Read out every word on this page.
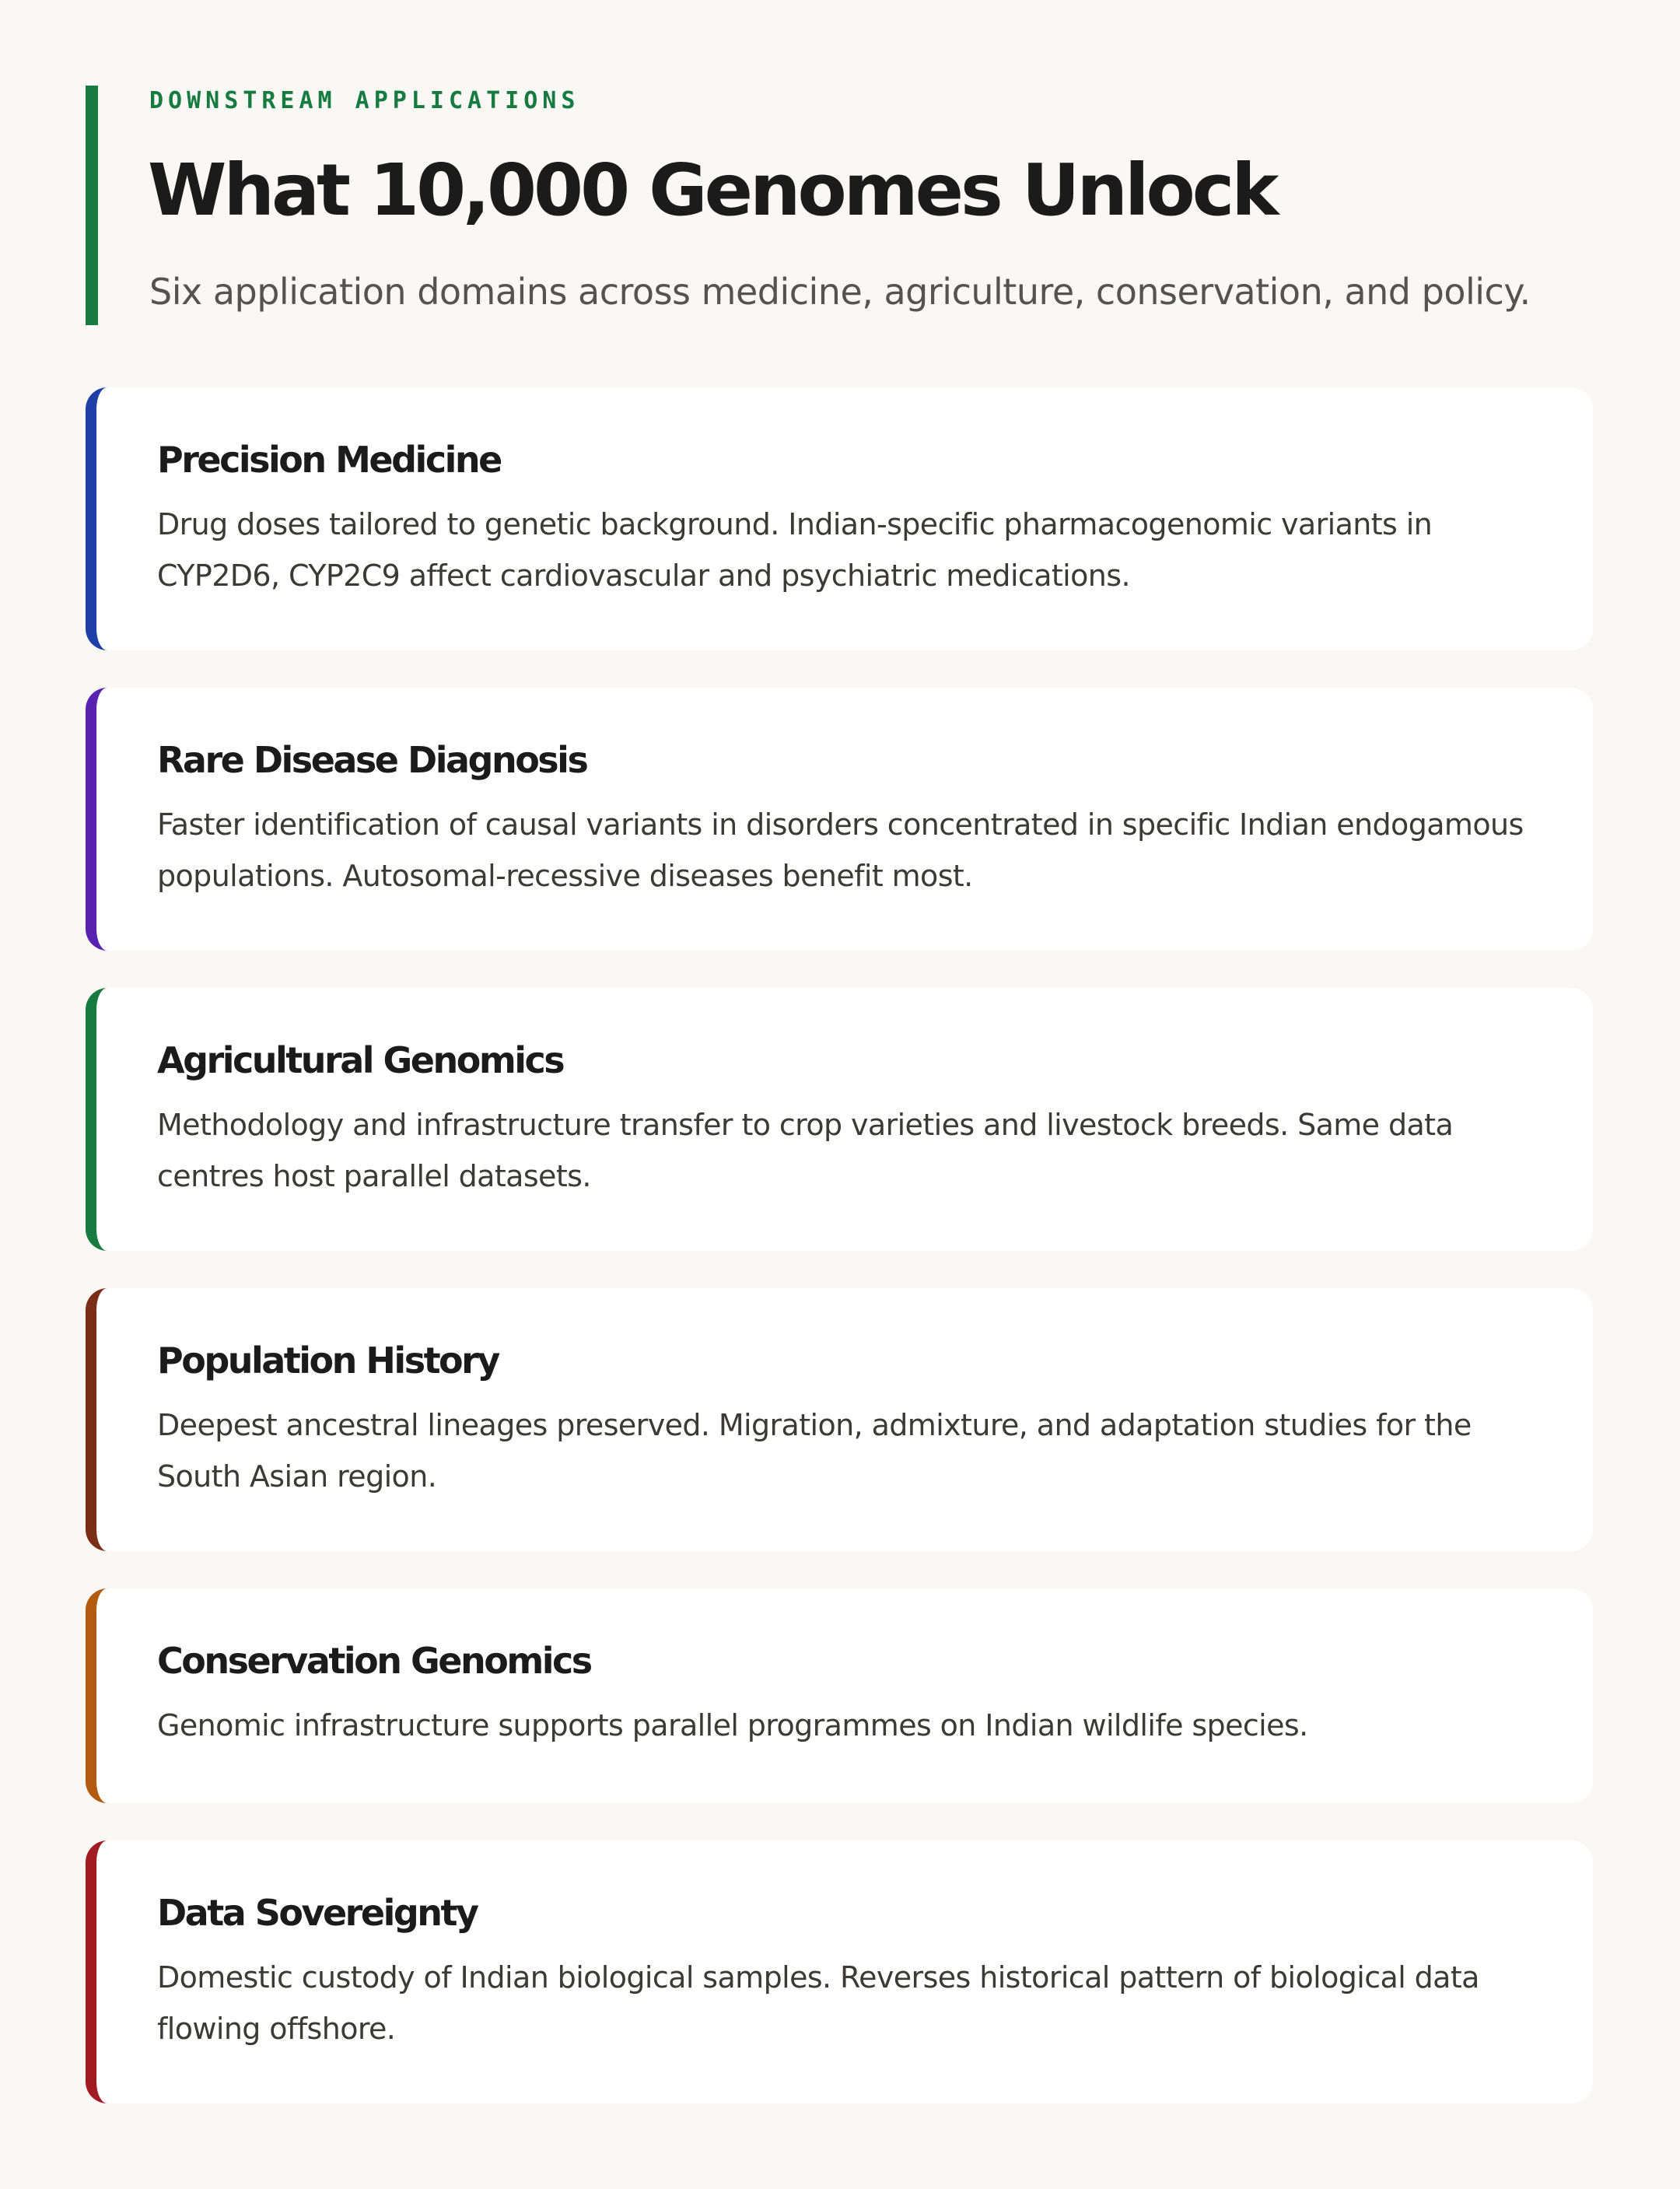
DOWNSTREAM APPLICATIONS
What 10,000 Genomes Unlock
Six application domains across medicine, agriculture, conservation, and policy.
Precision Medicine
Drug doses tailored to genetic background. Indian-specific pharmacogenomic variants in CYP2D6, CYP2C9 affect cardiovascular and psychiatric medications.
Rare Disease Diagnosis
Faster identification of causal variants in disorders concentrated in specific Indian endogamous populations. Autosomal-recessive diseases benefit most.
Agricultural Genomics
Methodology and infrastructure transfer to crop varieties and livestock breeds. Same data centres host parallel datasets.
Population History
Deepest ancestral lineages preserved. Migration, admixture, and adaptation studies for the South Asian region.
Conservation Genomics
Genomic infrastructure supports parallel programmes on Indian wildlife species.
Data Sovereignty
Domestic custody of Indian biological samples. Reverses historical pattern of biological data flowing offshore.
